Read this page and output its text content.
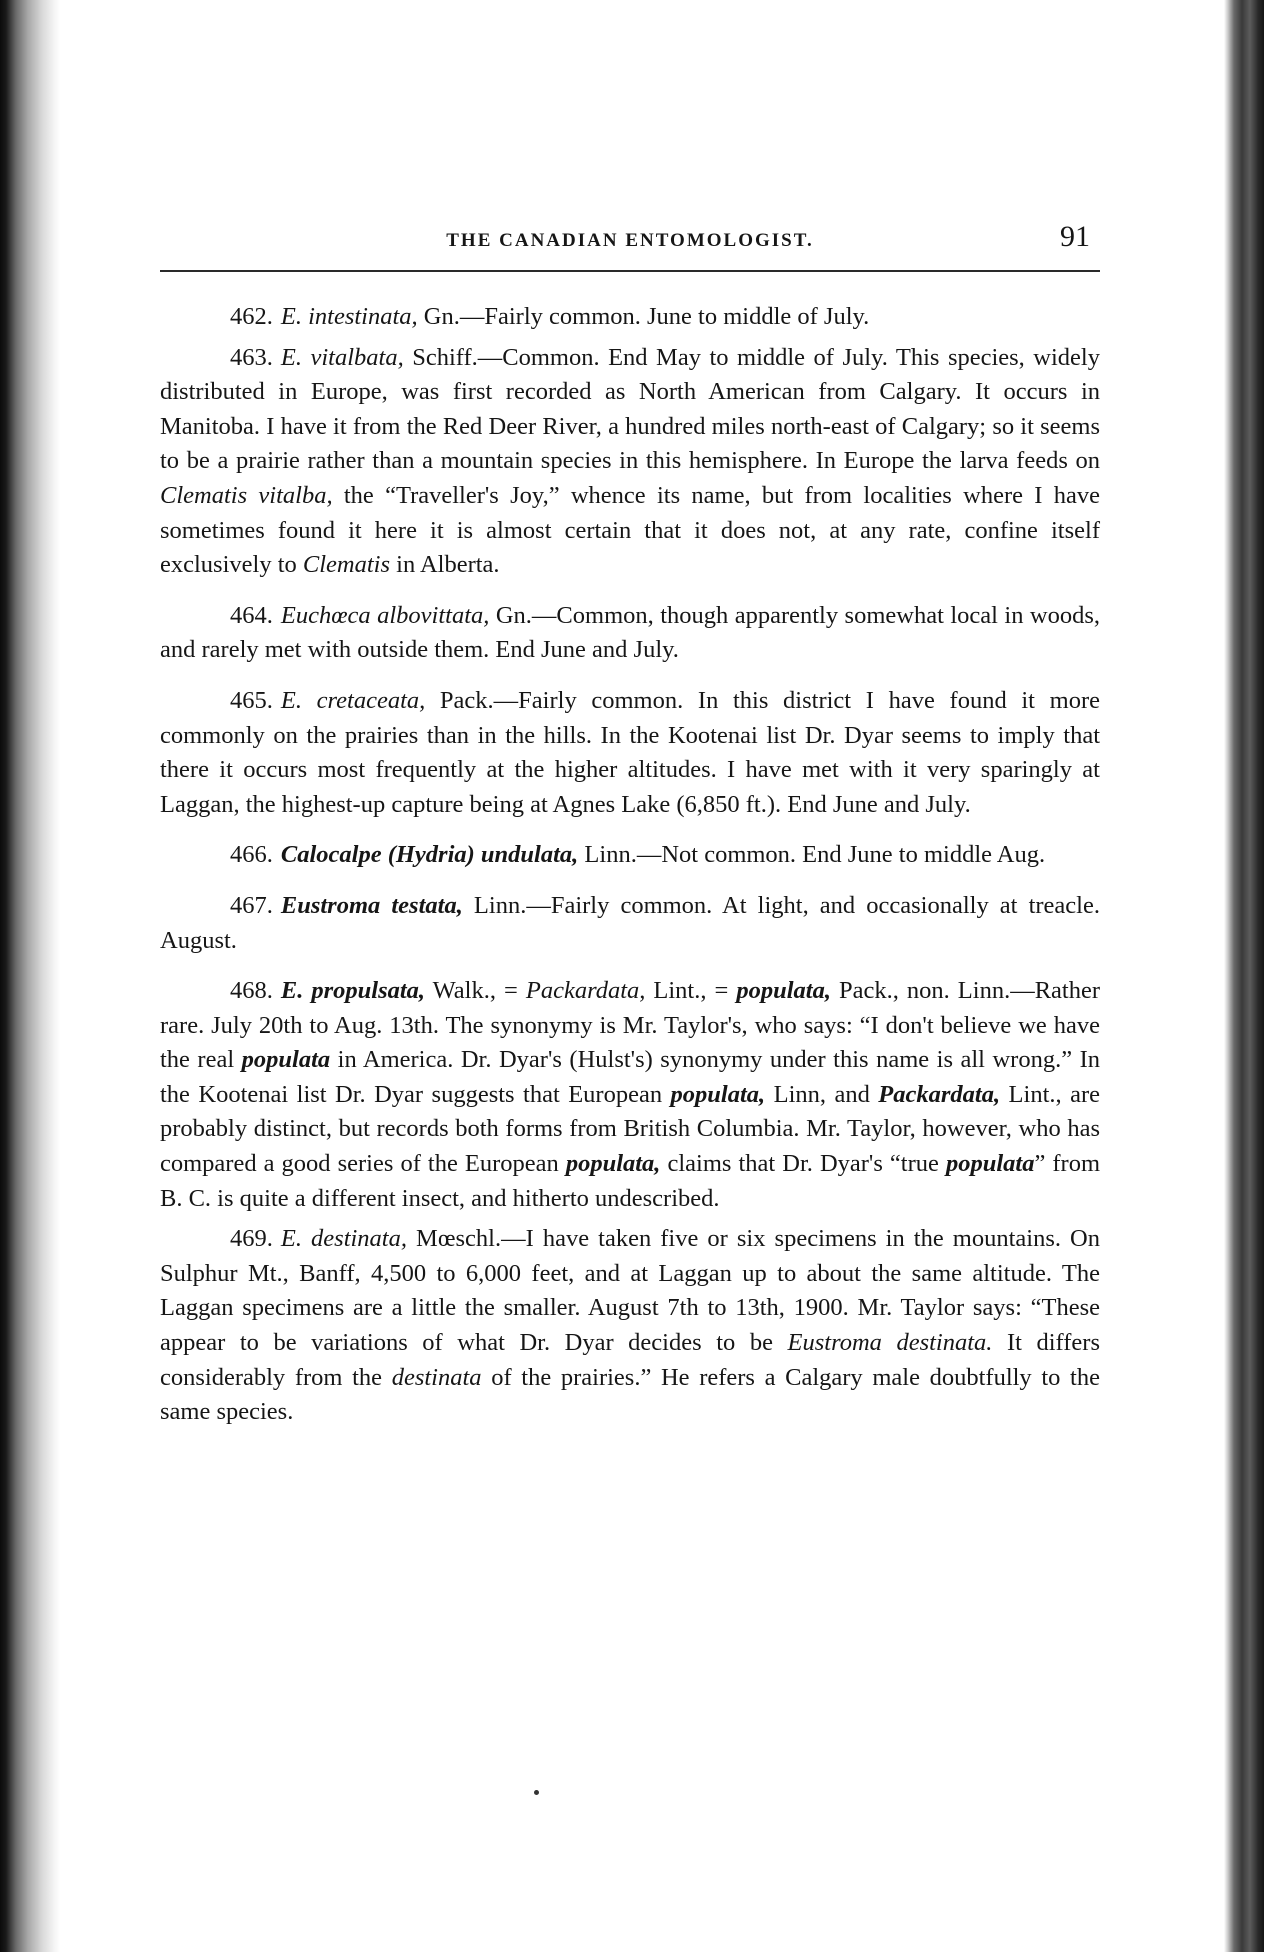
THE CANADIAN ENTOMOLOGIST.	91

462. E. intestinata, Gn.—Fairly common. June to middle of July.

463. E. vitalbata, Schiff.—Common. End May to middle of July. This species, widely distributed in Europe, was first recorded as North American from Calgary. It occurs in Manitoba. I have it from the Red Deer River, a hundred miles north-east of Calgary; so it seems to be a prairie rather than a mountain species in this hemisphere. In Europe the larva feeds on Clematis vitalba, the “Traveller's Joy,” whence its name, but from localities where I have sometimes found it here it is almost certain that it does not, at any rate, confine itself exclusively to Clematis in Alberta.

464. Euchœca albovittata, Gn.—Common, though apparently somewhat local in woods, and rarely met with outside them. End June and July.

465. E. cretaceata, Pack.—Fairly common. In this district I have found it more commonly on the prairies than in the hills. In the Kootenai list Dr. Dyar seems to imply that there it occurs most frequently at the higher altitudes. I have met with it very sparingly at Laggan, the highest-up capture being at Agnes Lake (6,850 ft.). End June and July.

466. Calocalpe (Hydria) undulata, Linn.—Not common. End June to middle Aug.

467. Eustroma testata, Linn.—Fairly common. At light, and occasionally at treacle. August.

468. E. propulsata, Walk., = Packardata, Lint., = populata, Pack., non. Linn.—Rather rare. July 20th to Aug. 13th. The synonymy is Mr. Taylor's, who says: “I don't believe we have the real populata in America. Dr. Dyar's (Hulst's) synonymy under this name is all wrong.” In the Kootenai list Dr. Dyar suggests that European populata, Linn, and Packardata, Lint., are probably distinct, but records both forms from British Columbia. Mr. Taylor, however, who has compared a good series of the European populata, claims that Dr. Dyar's “true populata” from B. C. is quite a different insect, and hitherto undescribed.

469. E. destinata, Mœschl.—I have taken five or six specimens in the mountains. On Sulphur Mt., Banff, 4,500 to 6,000 feet, and at Laggan up to about the same altitude. The Laggan specimens are a little the smaller. August 7th to 13th, 1900. Mr. Taylor says: “These appear to be variations of what Dr. Dyar decides to be Eustroma destinata. It differs considerably from the destinata of the prairies.” He refers a Calgary male doubtfully to the same species.
